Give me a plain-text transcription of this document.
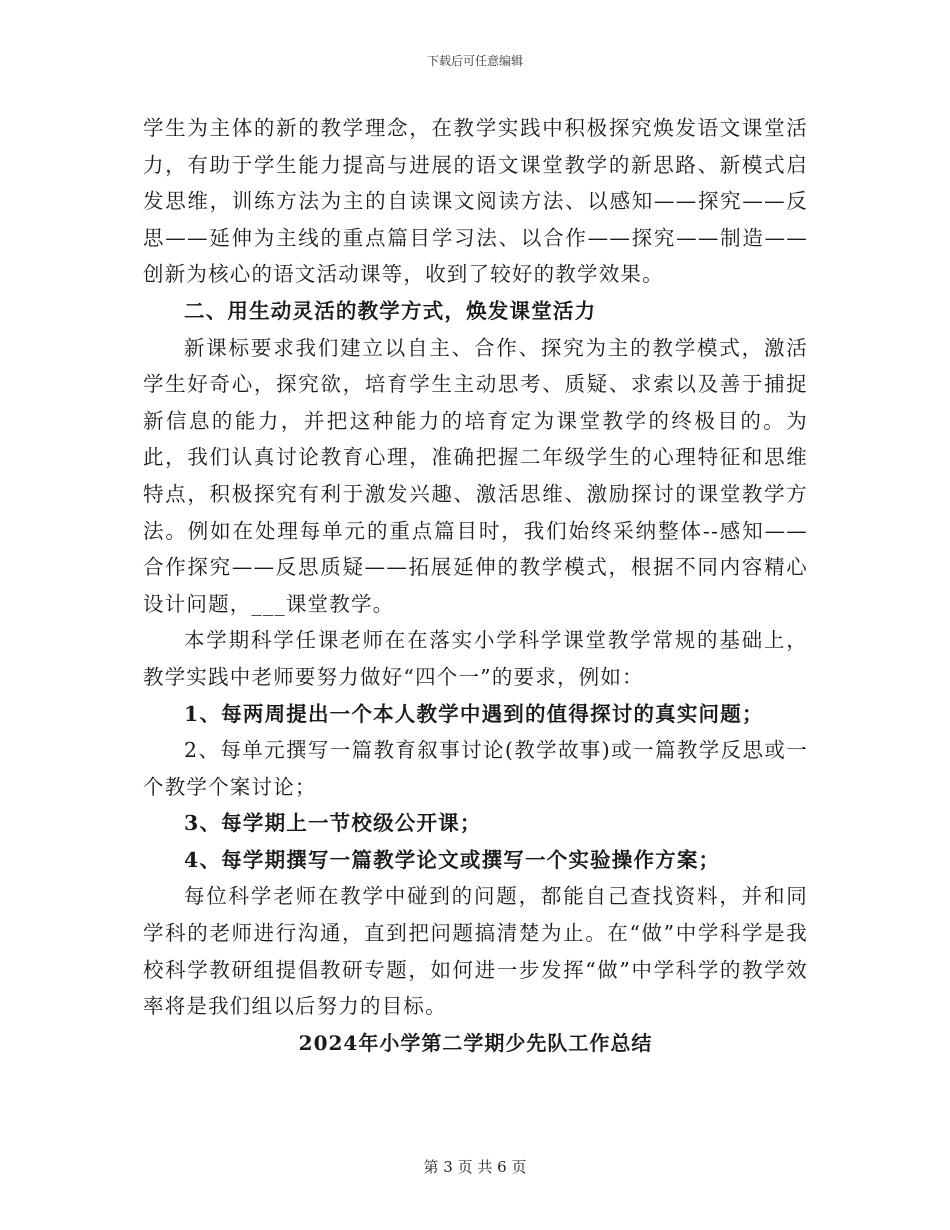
下载后可任意编辑

学生为主体的新的教学理念，在教学实践中积极探究焕发语文课堂活力，有助于学生能力提高与进展的语文课堂教学的新思路、新模式启发思维，训练方法为主的自读课文阅读方法、以感知——探究——反思——延伸为主线的重点篇目学习法、以合作——探究——制造——创新为核心的语文活动课等，收到了较好的教学效果。

二、用生动灵活的教学方式，焕发课堂活力

新课标要求我们建立以自主、合作、探究为主的教学模式，激活学生好奇心，探究欲，培育学生主动思考、质疑、求索以及善于捕捉新信息的能力，并把这种能力的培育定为课堂教学的终极目的。为此，我们认真讨论教育心理，准确把握二年级学生的心理特征和思维特点，积极探究有利于激发兴趣、激活思维、激励探讨的课堂教学方法。例如在处理每单元的重点篇目时，我们始终采纳整体--感知——合作探究——反思质疑——拓展延伸的教学模式，根据不同内容精心设计问题，___课堂教学。

本学期科学任课老师在在落实小学科学课堂教学常规的基础上，教学实践中老师要努力做好“四个一”的要求，例如：

1、每两周提出一个本人教学中遇到的值得探讨的真实问题；

2、每单元撰写一篇教育叙事讨论(教学故事)或一篇教学反思或一个教学个案讨论；

3、每学期上一节校级公开课；

4、每学期撰写一篇教学论文或撰写一个实验操作方案；

每位科学老师在教学中碰到的问题，都能自己查找资料，并和同学科的老师进行沟通，直到把问题搞清楚为止。在“做”中学科学是我校科学教研组提倡教研专题，如何进一步发挥“做”中学科学的教学效率将是我们组以后努力的目标。

2024年小学第二学期少先队工作总结

第 3 页 共 6 页
